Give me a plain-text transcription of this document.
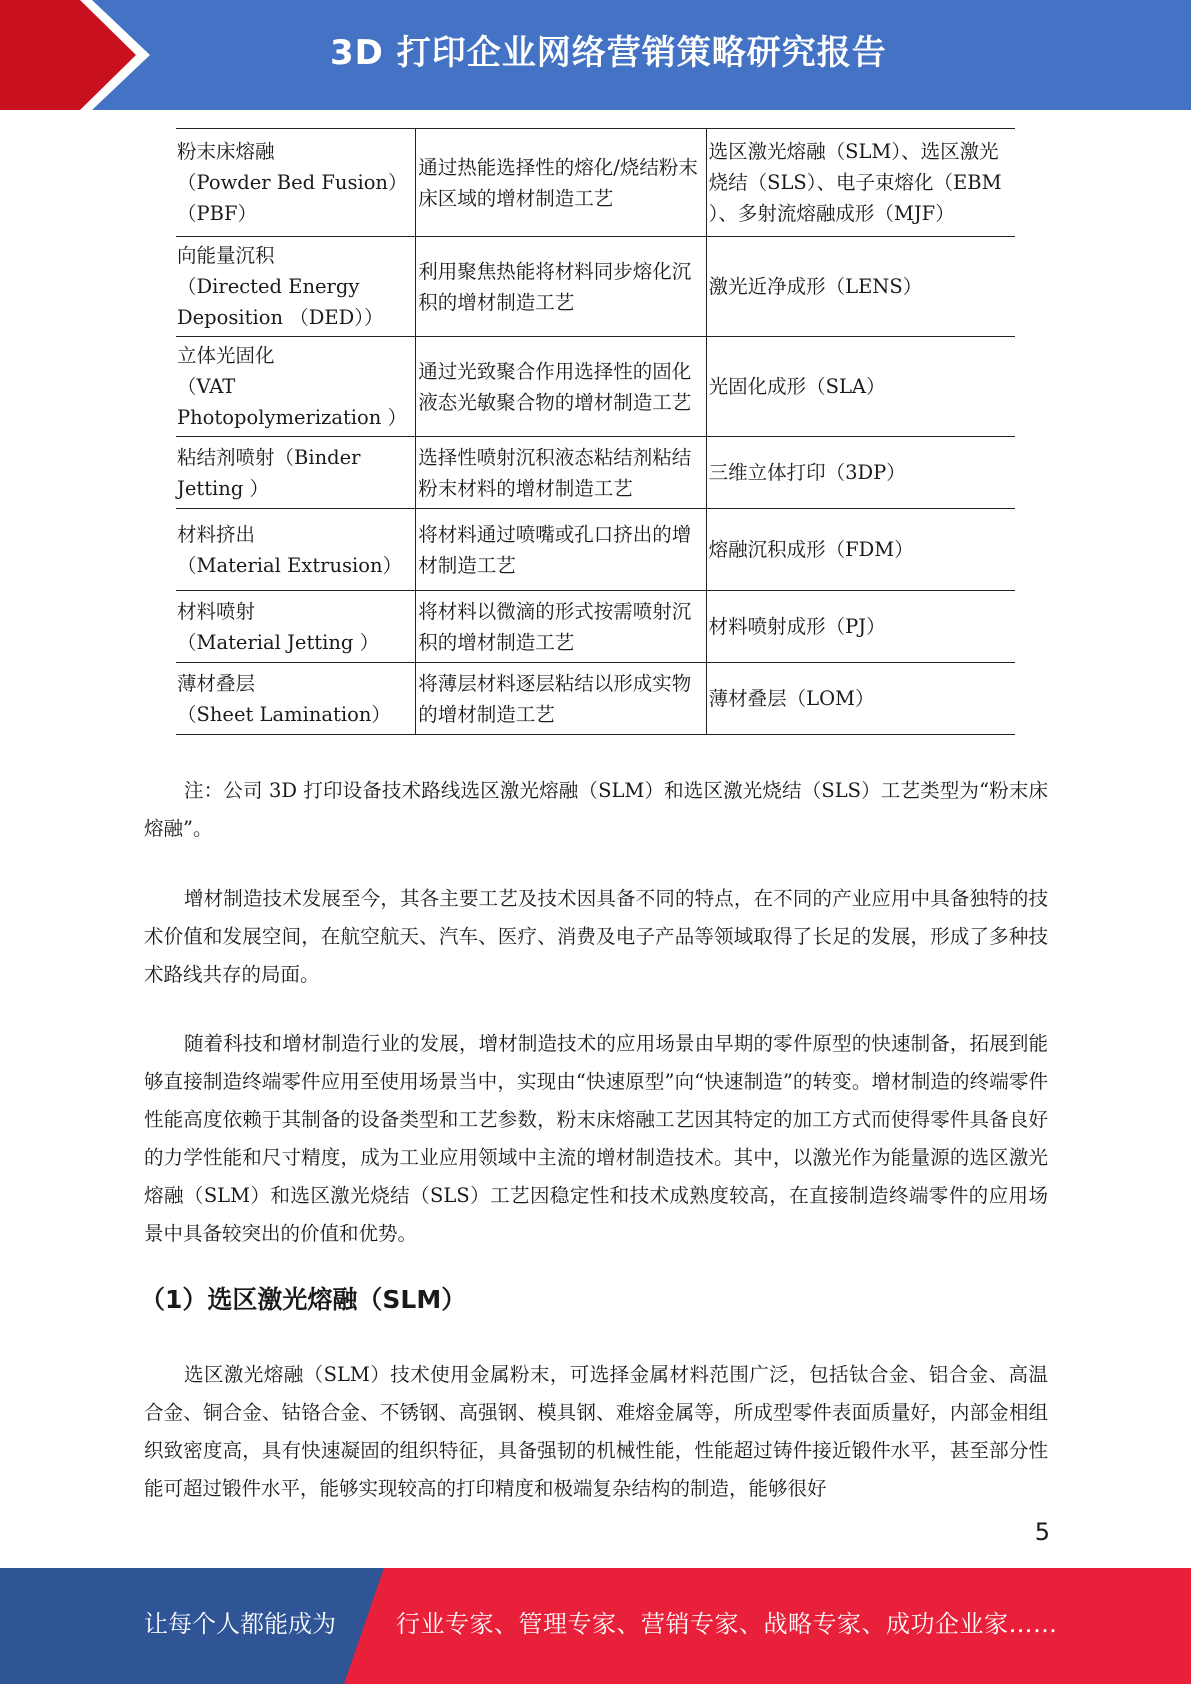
3D 打印企业网络营销策略研究报告
粉末床熔融
（Powder Bed Fusion）
（PBF）	通过热能选择性的熔化/烧结粉末床区域的增材制造工艺	选区激光熔融（SLM）、选区激光烧结（SLS）、电子束熔化（EBM ）、多射流熔融成形（MJF）

向能量沉积
（Directed Energy
Deposition （DED））	利用聚焦热能将材料同步熔化沉积的增材制造工艺	激光近净成形（LENS）

立体光固化
（VAT
Photopolymerization ）	通过光致聚合作用选择性的固化液态光敏聚合物的增材制造工艺	光固化成形（SLA）

粘结剂喷射（Binder
Jetting ）	选择性喷射沉积液态粘结剂粘结粉末材料的增材制造工艺	三维立体打印（3DP）

材料挤出
（Material Extrusion）	将材料通过喷嘴或孔口挤出的增材制造工艺	熔融沉积成形（FDM）

材料喷射
（Material Jetting ）	将材料以微滴的形式按需喷射沉积的增材制造工艺	材料喷射成形（PJ）

薄材叠层
（Sheet Lamination）	将薄层材料逐层粘结以形成实物的增材制造工艺	薄材叠层（LOM）
注：公司 3D 打印设备技术路线选区激光熔融（SLM）和选区激光烧结（SLS）工艺类型为“粉末床熔融”。
增材制造技术发展至今，其各主要工艺及技术因具备不同的特点，在不同的产业应用中具备独特的技术价值和发展空间，在航空航天、汽车、医疗、消费及电子产品等领域取得了长足的发展，形成了多种技术路线共存的局面。
随着科技和增材制造行业的发展，增材制造技术的应用场景由早期的零件原型的快速制备，拓展到能够直接制造终端零件应用至使用场景当中，实现由“快速原型”向“快速制造”的转变。增材制造的终端零件性能高度依赖于其制备的设备类型和工艺参数，粉末床熔融工艺因其特定的加工方式而使得零件具备良好的力学性能和尺寸精度，成为工业应用领域中主流的增材制造技术。其中，以激光作为能量源的选区激光熔融（SLM）和选区激光烧结（SLS）工艺因稳定性和技术成熟度较高，在直接制造终端零件的应用场景中具备较突出的价值和优势。
（1）选区激光熔融（SLM）
选区激光熔融（SLM）技术使用金属粉末，可选择金属材料范围广泛，包括钛合金、铝合金、高温合金、铜合金、钴铬合金、不锈钢、高强钢、模具钢、难熔金属等，所成型零件表面质量好，内部金相组织致密度高，具有快速凝固的组织特征，具备强韧的机械性能，性能超过铸件接近锻件水平，甚至部分性能可超过锻件水平，能够实现较高的打印精度和极端复杂结构的制造，能够很好
5
让每个人都能成为	行业专家、管理专家、营销专家、战略专家、成功企业家……
